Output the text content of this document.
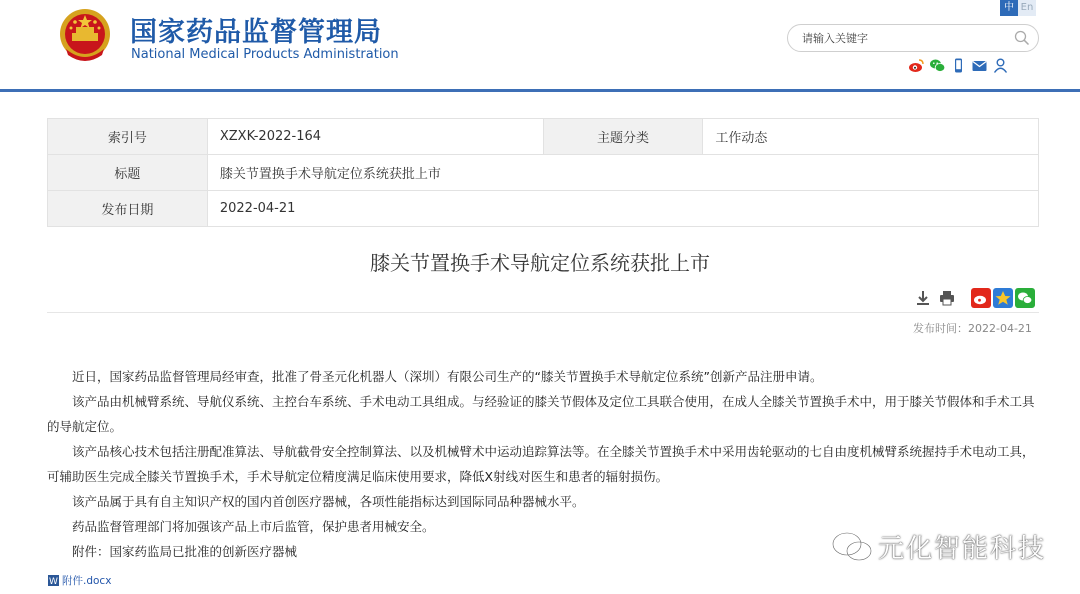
国家药品监督管理局
National Medical Products Administration
中 En
请输入关键字
索引号	XZXK-2022-164	主题分类	工作动态
标题	膝关节置换手术导航定位系统获批上市		
发布日期	2022-04-21		
膝关节置换手术导航定位系统获批上市
发布时间：2022-04-21

近日，国家药品监督管理局经审查，批准了骨圣元化机器人（深圳）有限公司生产的“膝关节置换手术导航定位系统”创新产品注册申请。

该产品由机械臂系统、导航仪系统、主控台车系统、手术电动工具组成。与经验证的膝关节假体及定位工具联合使用，在成人全膝关节置换手术中，用于膝关节假体和手术工具的导航定位。

该产品核心技术包括注册配准算法、导航截骨安全控制算法、以及机械臂术中运动追踪算法等。在全膝关节置换手术中采用齿轮驱动的七自由度机械臂系统握持手术电动工具，可辅助医生完成全膝关节置换手术，手术导航定位精度满足临床使用要求，降低X射线对医生和患者的辐射损伤。

该产品属于具有自主知识产权的国内首创医疗器械，各项性能指标达到国际同品种器械水平。

药品监督管理部门将加强该产品上市后监管，保护患者用械安全。

附件：国家药监局已批准的创新医疗器械

W 附件.docx
元化智能科技
